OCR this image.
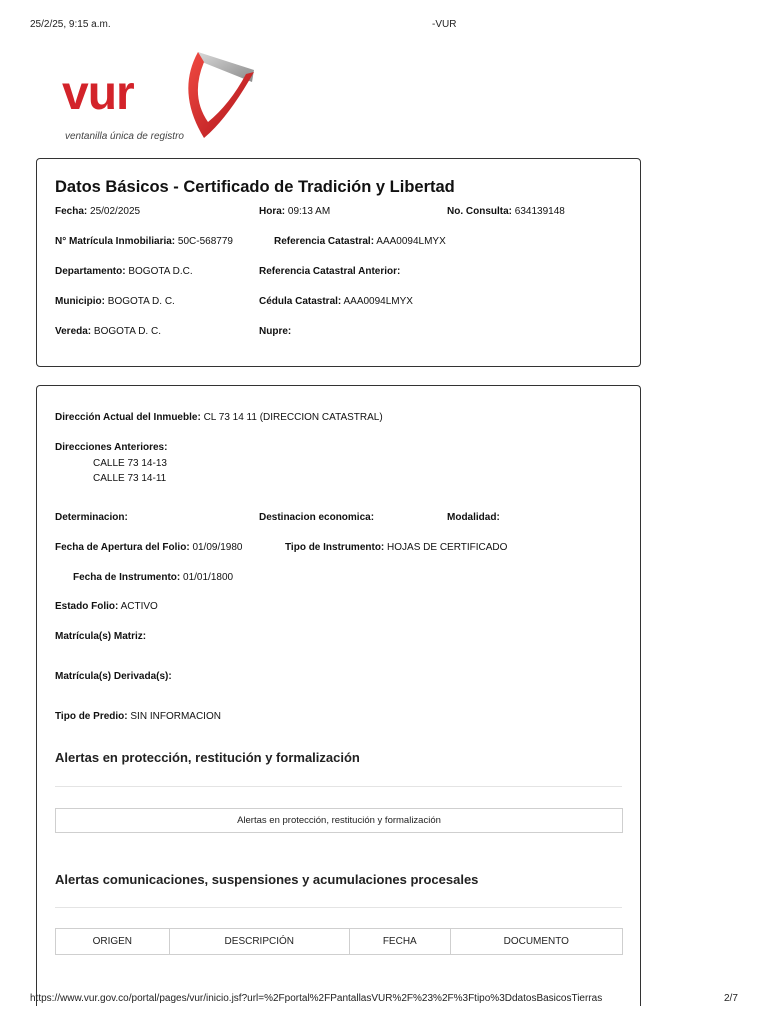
25/2/25, 9:15 a.m.	-VUR
vur
ventanilla única de registro
Datos Básicos - Certificado de Tradición y Libertad
Fecha: 25/02/2025	Hora: 09:13 AM	No. Consulta: 634139148
N° Matrícula Inmobiliaria: 50C-568779	Referencia Catastral: AAA0094LMYX
Departamento: BOGOTA D.C.	Referencia Catastral Anterior:
Municipio: BOGOTA D. C.	Cédula Catastral: AAA0094LMYX
Vereda: BOGOTA D. C.	Nupre:
Dirección Actual del Inmueble: CL 73 14 11 (DIRECCION CATASTRAL)
Direcciones Anteriores:
CALLE 73 14-13
CALLE 73 14-11
Determinacion:	Destinacion economica:	Modalidad:
Fecha de Apertura del Folio: 01/09/1980	Tipo de Instrumento: HOJAS DE CERTIFICADO
Fecha de Instrumento: 01/01/1800
Estado Folio: ACTIVO
Matrícula(s) Matriz:
Matrícula(s) Derivada(s):
Tipo de Predio: SIN INFORMACION
Alertas en protección, restitución y formalización
Alertas en protección, restitución y formalización
Alertas comunicaciones, suspensiones y acumulaciones procesales
ORIGEN	DESCRIPCIÓN	FECHA	DOCUMENTO
https://www.vur.gov.co/portal/pages/vur/inicio.jsf?url=%2Fportal%2FPantallasVUR%2F%23%2F%3Ftipo%3DdatosBasicosTierras	2/7
